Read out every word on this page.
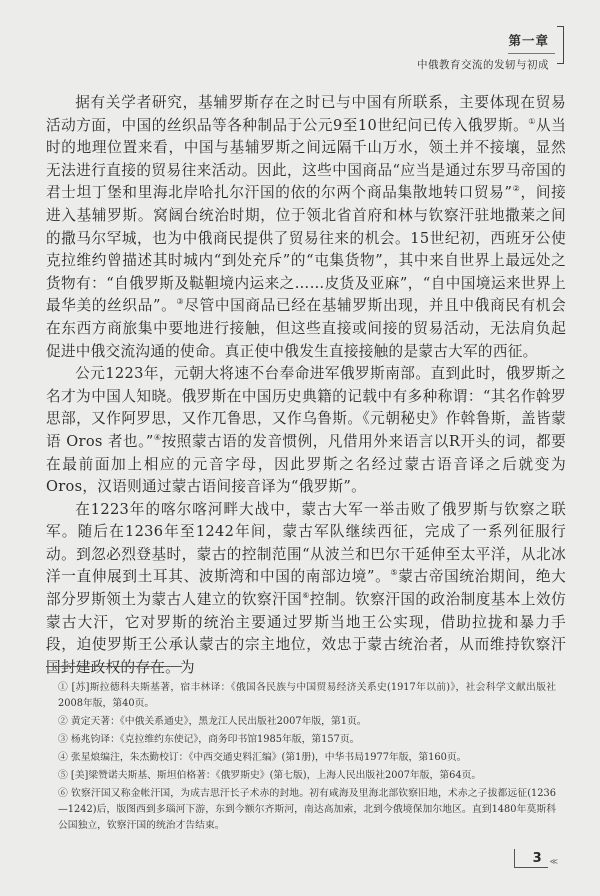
第一章
中俄教育交流的发轫与初成

据有关学者研究，基辅罗斯存在之时已与中国有所联系，主要体现在贸易活动方面，中国的丝织品等各种制品于公元9至10世纪问已传入俄罗斯。①从当时的地理位置来看，中国与基辅罗斯之间远隔千山万水，领土并不接壤，显然无法进行直接的贸易往来活动。因此，这些中国商品“应当是通过东罗马帝国的君士坦丁堡和里海北岸哈扎尔汗国的依的尔两个商品集散地转口贸易”②，间接进入基辅罗斯。窝阔台统治时期，位于领北省首府和林与钦察汗驻地撒莱之间的撒马尔罕城，也为中俄商民提供了贸易往来的机会。15世纪初，西班牙公使克拉维约曾描述其时城内“到处充斥”的“屯集货物”，其中来自世界上最远处之货物有：“自俄罗斯及鞑靼境内运来之……皮货及亚麻”，“自中国境运来世界上最华美的丝织品”。③尽管中国商品已经在基辅罗斯出现，并且中俄商民有机会在东西方商旅集中要地进行接触，但这些直接或间接的贸易活动，无法肩负起促进中俄交流沟通的使命。真正使中俄发生直接接触的是蒙古大军的西征。

公元1223年，元朝大将速不台奉命进军俄罗斯南部。直到此时，俄罗斯之名才为中国人知晓。俄罗斯在中国历史典籍的记载中有多种称谓：“其名作斡罗思部，又作阿罗思，又作兀鲁思，又作乌鲁斯。《元朝秘史》作斡鲁斯，盖皆蒙语 Oros 者也。”④按照蒙古语的发音惯例，凡借用外来语言以R开头的词，都要在最前面加上相应的元音字母，因此罗斯之名经过蒙古语音译之后就变为Oros，汉语则通过蒙古语间接音译为“俄罗斯”。

在1223年的喀尔喀河畔大战中，蒙古大军一举击败了俄罗斯与钦察之联军。随后在1236年至1242年间，蒙古军队继续西征，完成了一系列征服行动。到忽必烈登基时，蒙古的控制范围“从波兰和巴尔干延伸至太平洋，从北冰洋一直伸展到土耳其、波斯湾和中国的南部边境”。⑤蒙古帝国统治期间，绝大部分罗斯领土为蒙古人建立的钦察汗国⑥控制。钦察汗国的政治制度基本上效仿蒙古大汗，它对罗斯的统治主要通过罗斯当地王公实现，借助拉拢和暴力手段，迫使罗斯王公承认蒙古的宗主地位，效忠于蒙古统治者，从而维持钦察汗国封建政权的存在。为

① [苏]斯拉德科夫斯基著，宿丰林译：《俄国各民族与中国贸易经济关系史(1917年以前)》，社会科学文献出版社2008年版，第40页。
② 黄定天著：《中俄关系通史》，黑龙江人民出版社2007年版，第1页。
③ 杨兆钧译：《克拉维约东使记》，商务印书馆1985年版，第157页。
④ 张星烺编注，朱杰勤校订：《中西交通史料汇编》(第1册)，中华书局1977年版，第160页。
⑤ [美]梁赞诺夫斯基、斯坦伯格著：《俄罗斯史》(第七版)，上海人民出版社2007年版，第64页。
⑥ 钦察汗国又称金帐汗国，为成吉思汗长子术赤的封地。初有咸海及里海北部钦察旧地，术赤之子拔都远征(1236—1242)后，版图西到多瑙河下游，东到今额尔齐斯河，南达高加索，北到今俄境保加尔地区。直到1480年莫斯科公国独立，钦察汗国的统治才告结束。
3	≪
